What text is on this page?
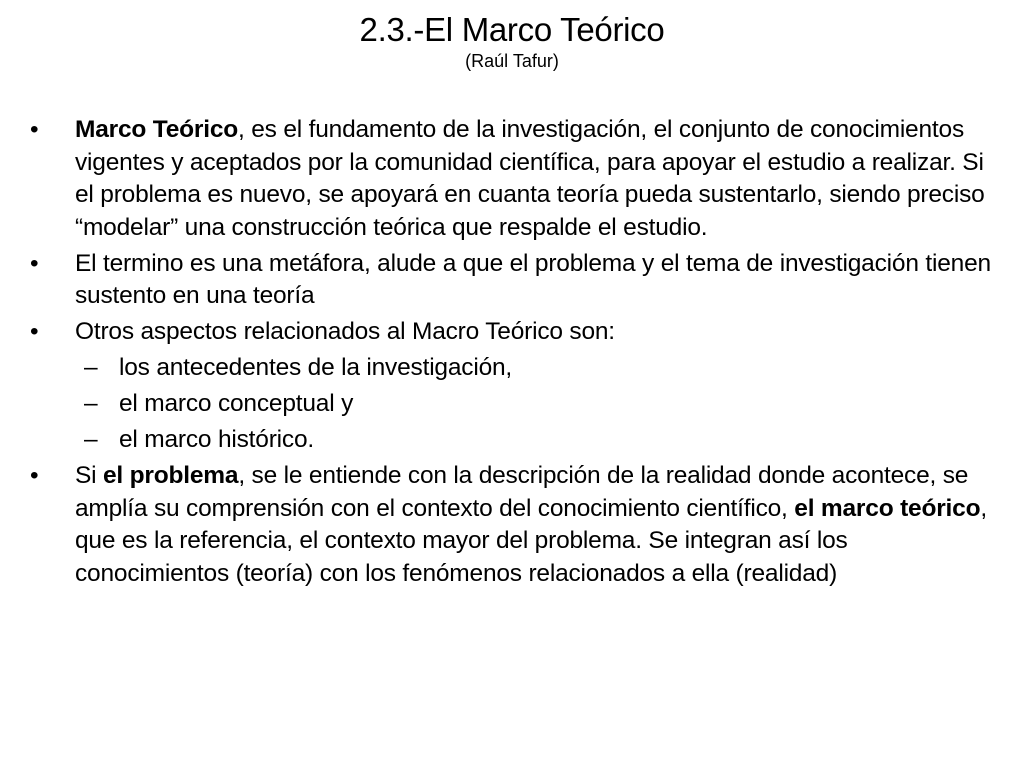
2.3.-El Marco Teórico
(Raúl Tafur)
•	Marco Teórico, es el fundamento de la investigación, el conjunto de conocimientos vigentes y aceptados por la comunidad científica, para apoyar el estudio a realizar. Si el problema es nuevo, se apoyará en cuanta teoría pueda sustentarlo, siendo preciso “modelar” una construcción teórica que respalde el estudio.
•	El termino es una metáfora, alude a que el problema y el tema de investigación tienen sustento en una teoría
•	Otros aspectos relacionados al Macro Teórico son:
– los antecedentes de la investigación,
– el marco conceptual y
– el marco histórico.
•	Si el problema, se le entiende con la descripción de la realidad donde acontece, se amplía su comprensión con el contexto del conocimiento científico, el marco teórico, que es la referencia, el contexto mayor del problema. Se integran así los conocimientos (teoría) con los fenómenos relacionados a ella (realidad)
